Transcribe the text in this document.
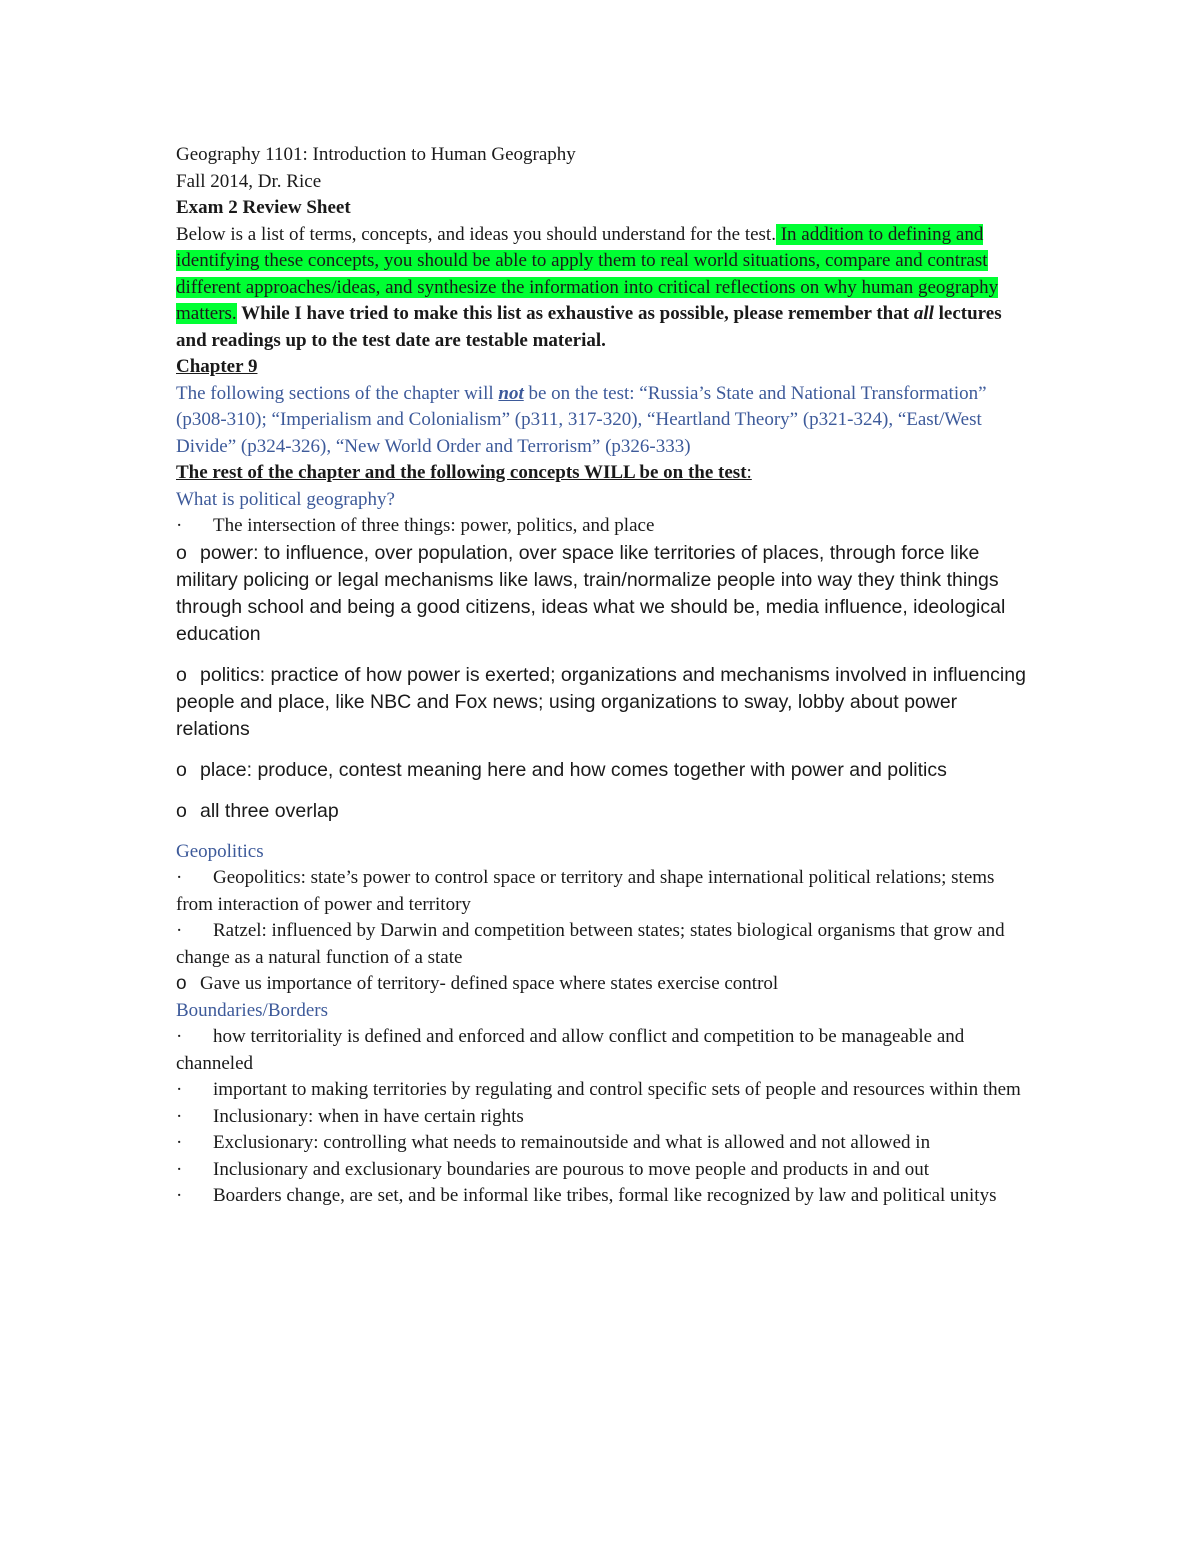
Geography 1101: Introduction to Human Geography
Fall 2014, Dr. Rice
Exam 2 Review Sheet
Below is a list of terms, concepts, and ideas you should understand for the test. In addition to defining and identifying these concepts, you should be able to apply them to real world situations, compare and contrast different approaches/ideas, and synthesize the information into critical reflections on why human geography matters. While I have tried to make this list as exhaustive as possible, please remember that all lectures and readings up to the test date are testable material.
Chapter 9
The following sections of the chapter will not be on the test: “Russia’s State and National Transformation” (p308-310); “Imperialism and Colonialism” (p311, 317-320), “Heartland Theory” (p321-324), “East/West Divide” (p324-326), “New World Order and Terrorism” (p326-333)
The rest of the chapter and the following concepts WILL be on the test:
What is political geography?
· The intersection of three things: power, politics, and place
o power: to influence, over population, over space like territories of places, through force like military policing or legal mechanisms like laws, train/normalize people into way they think things through school and being a good citizens, ideas what we should be, media influence, ideological education
o politics: practice of how power is exerted; organizations and mechanisms involved in influencing people and place, like NBC and Fox news; using organizations to sway, lobby about power relations
o place: produce, contest meaning here and how comes together with power and politics
o all three overlap
Geopolitics
· Geopolitics: state’s power to control space or territory and shape international political relations; stems from interaction of power and territory
· Ratzel: influenced by Darwin and competition between states; states biological organisms that grow and change as a natural function of a state
o Gave us importance of territory- defined space where states exercise control
Boundaries/Borders
· how territoriality is defined and enforced and allow conflict and competition to be manageable and channeled
· important to making territories by regulating and control specific sets of people and resources within them
· Inclusionary: when in have certain rights
· Exclusionary: controlling what needs to remainoutside and what is allowed and not allowed in
· Inclusionary and exclusionary boundaries are pourous to move people and products in and out
· Boarders change, are set, and be informal like tribes, formal like recognized by law and political unitys
